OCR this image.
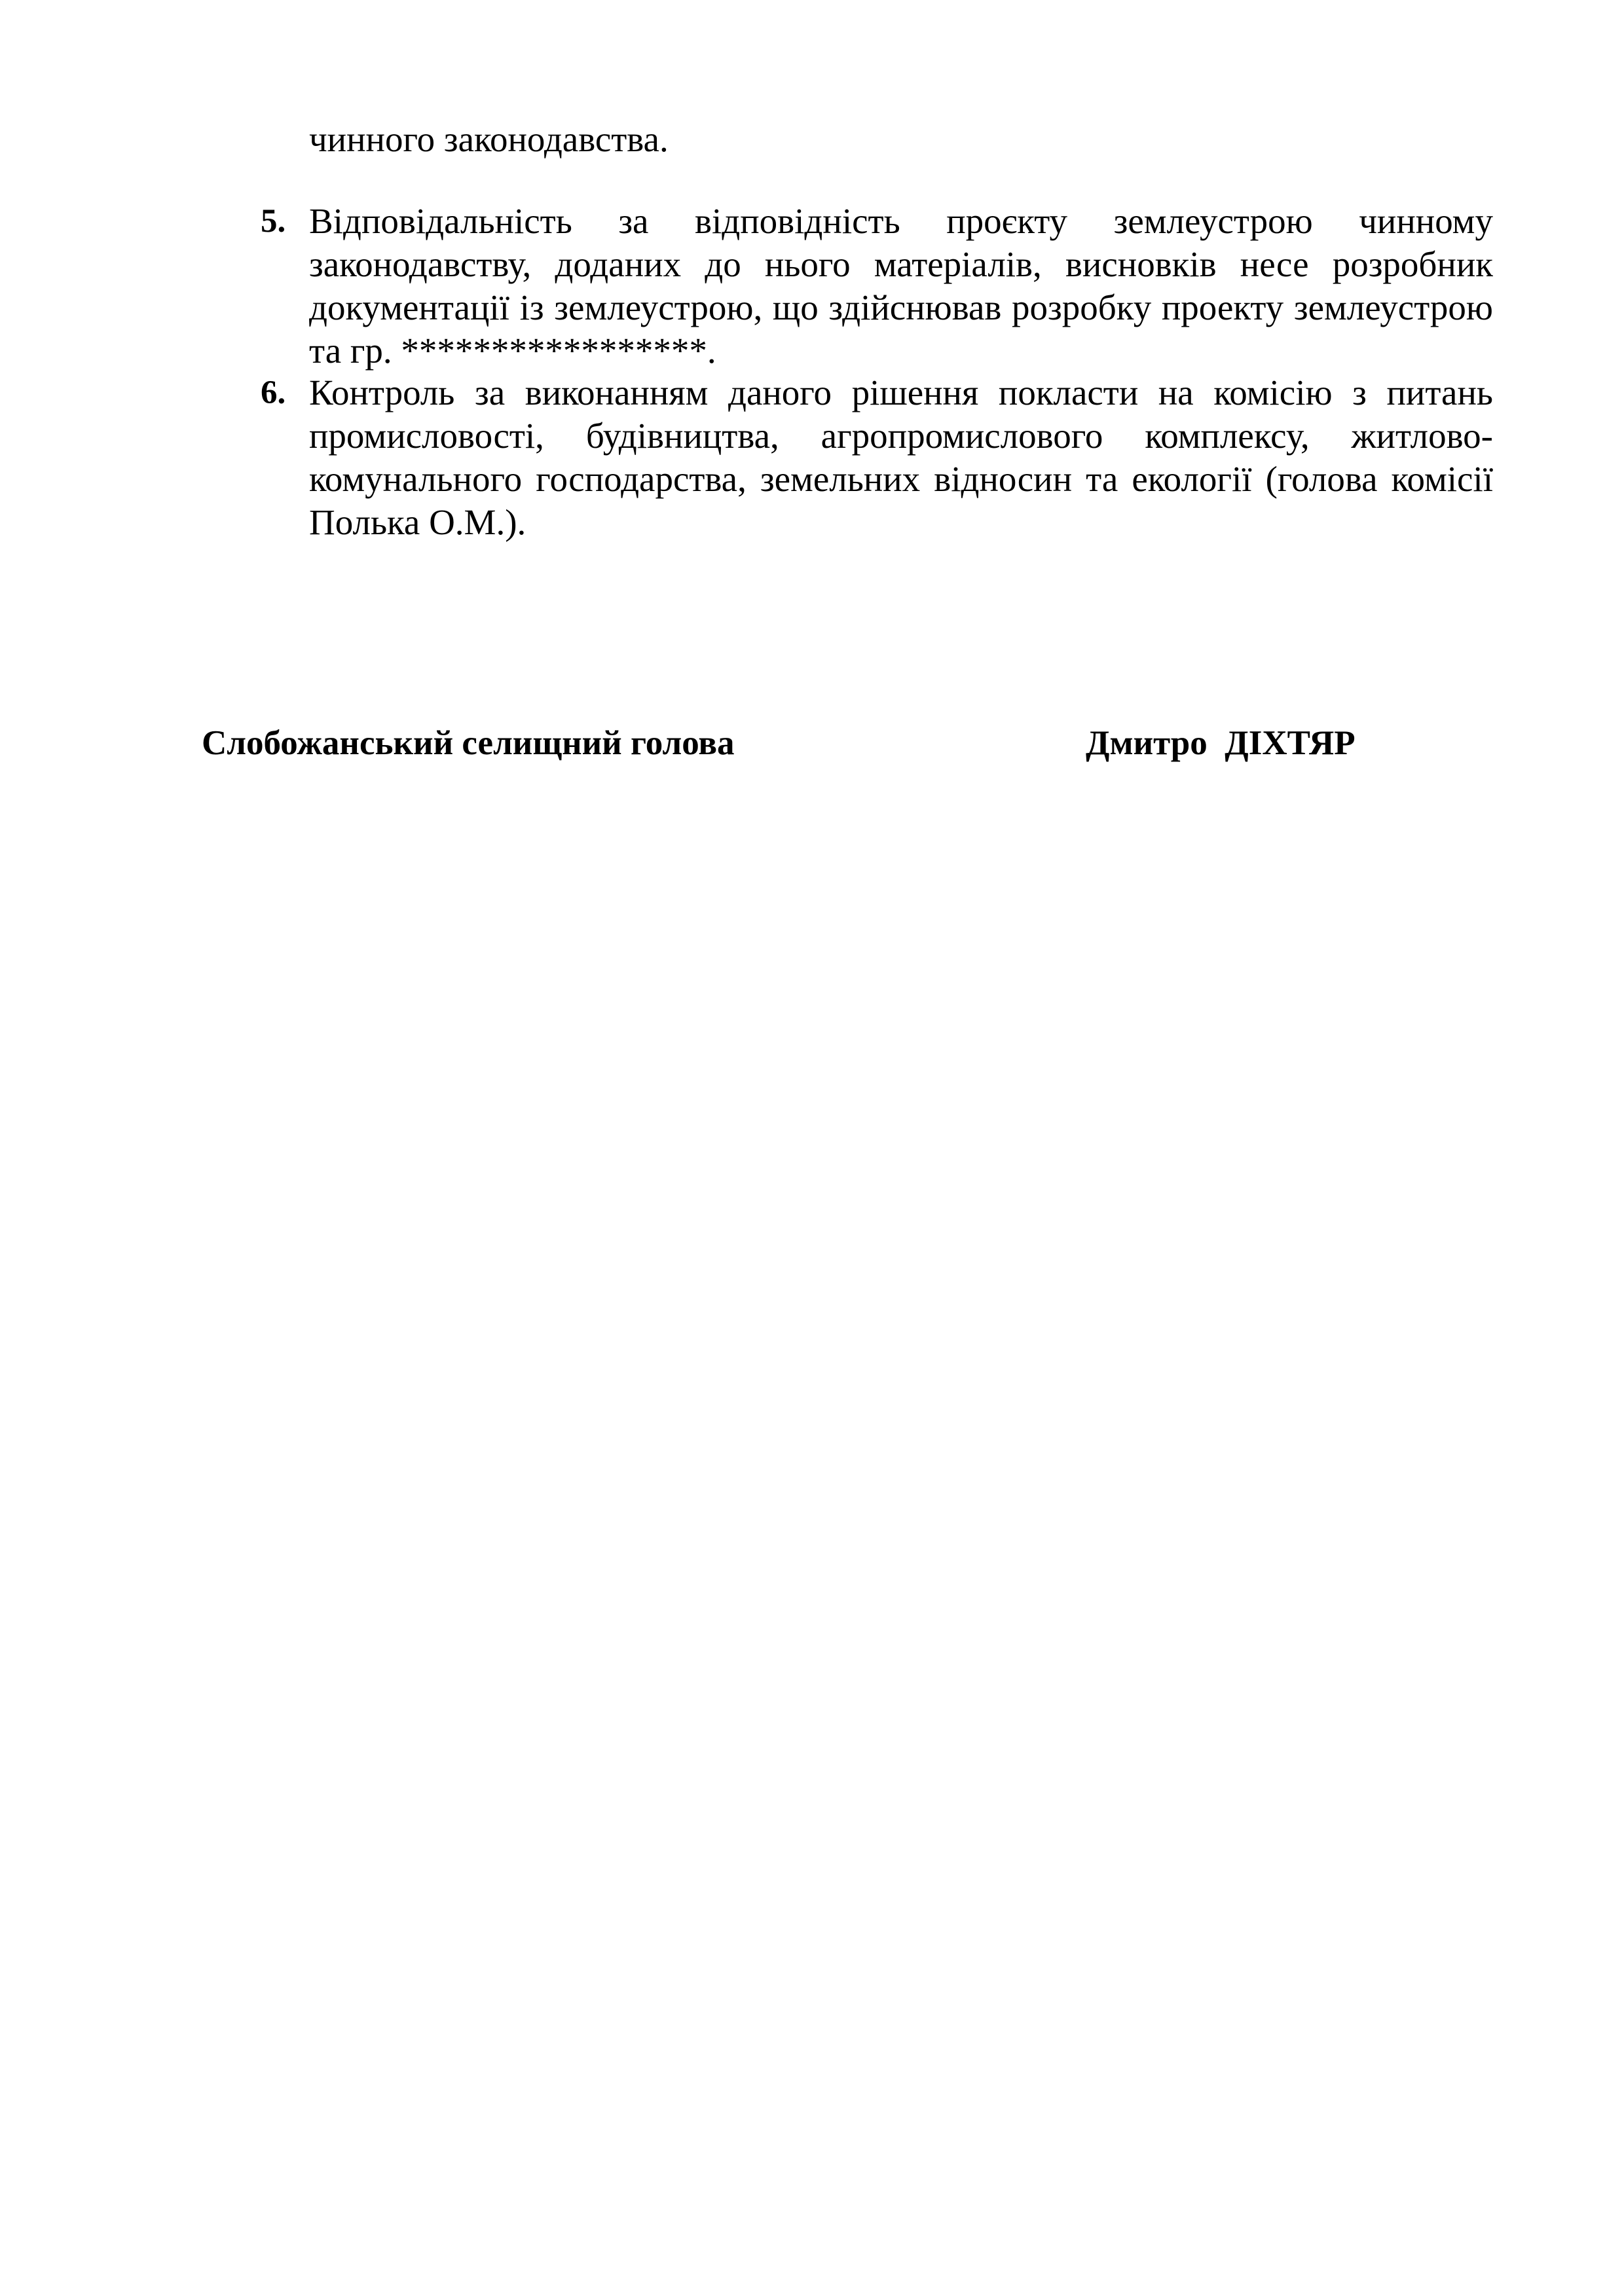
чинного законодавства.

5. Відповідальність за відповідність проєкту землеустрою чинному законодавству, доданих до нього матеріалів, висновків несе розробник документації із землеустрою, що здійснював розробку проекту землеустрою та гр. *****************.

6. Контроль за виконанням даного рішення покласти на комісію з питань промисловості, будівництва, агропромислового комплексу, житлово-комунального господарства, земельних відносин та екології (голова комісії Полька О.М.).

Слобожанський селищний голова	Дмитро  ДІХТЯР
